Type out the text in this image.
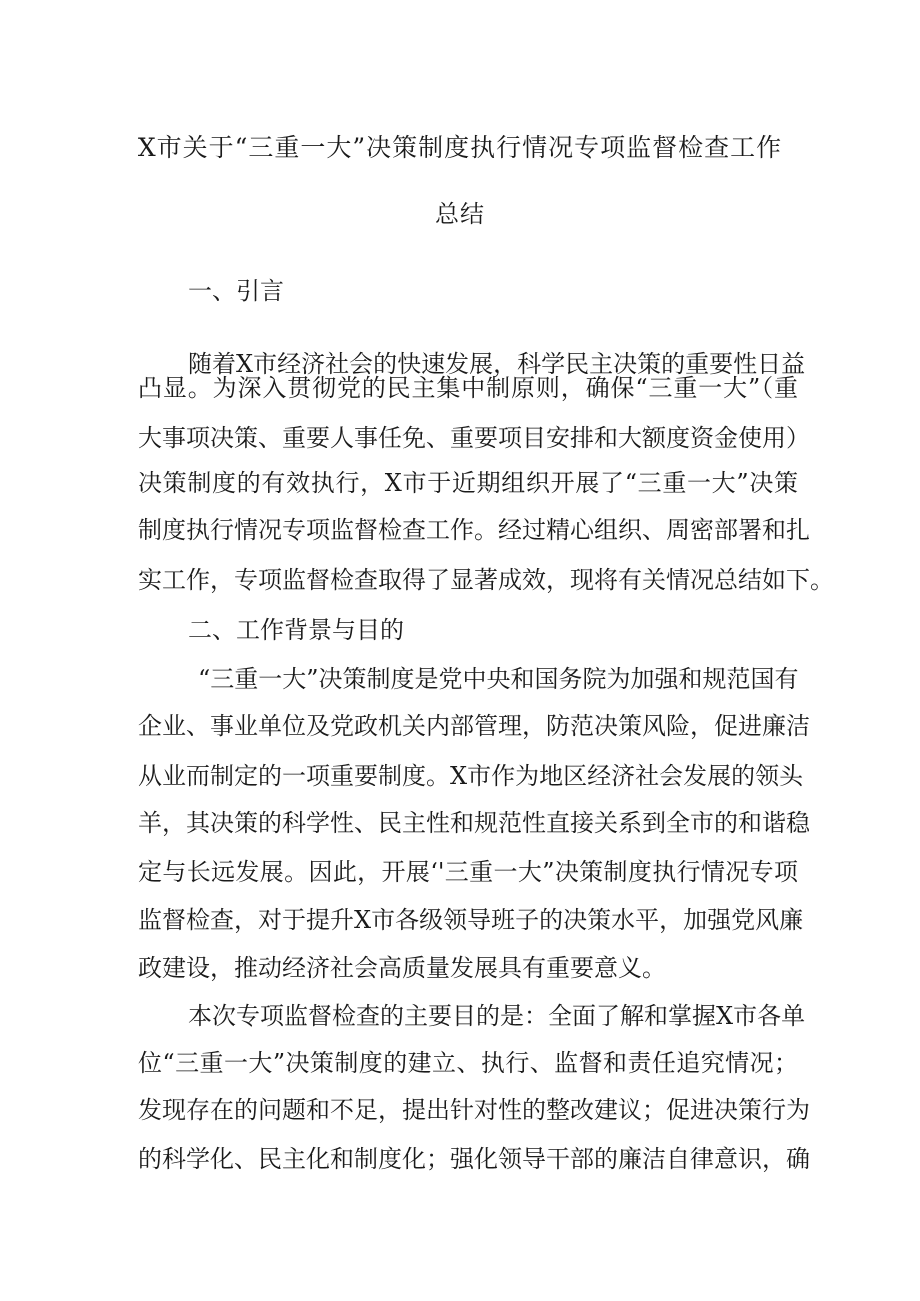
X市关于“三重一大”决策制度执行情况专项监督检查工作
总结
一、引言
随着X市经济社会的快速发展，科学民主决策的重要性日益
凸显。为深入贯彻党的民主集中制原则，确保“三重一大”（重
大事项决策、重要人事任免、重要项目安排和大额度资金使用）
决策制度的有效执行，X市于近期组织开展了“三重一大”决策
制度执行情况专项监督检查工作。经过精心组织、周密部署和扎
实工作，专项监督检查取得了显著成效，现将有关情况总结如下。
二、工作背景与目的
“三重一大”决策制度是党中央和国务院为加强和规范国有
企业、事业单位及党政机关内部管理，防范决策风险，促进廉洁
从业而制定的一项重要制度。X市作为地区经济社会发展的领头
羊，其决策的科学性、民主性和规范性直接关系到全市的和谐稳
定与长远发展。因此，开展‘'三重一大”决策制度执行情况专项
监督检查，对于提升X市各级领导班子的决策水平，加强党风廉
政建设，推动经济社会高质量发展具有重要意义。
本次专项监督检查的主要目的是：全面了解和掌握X市各单
位“三重一大”决策制度的建立、执行、监督和责任追究情况；
发现存在的问题和不足，提出针对性的整改建议；促进决策行为
的科学化、民主化和制度化；强化领导干部的廉洁自律意识，确
